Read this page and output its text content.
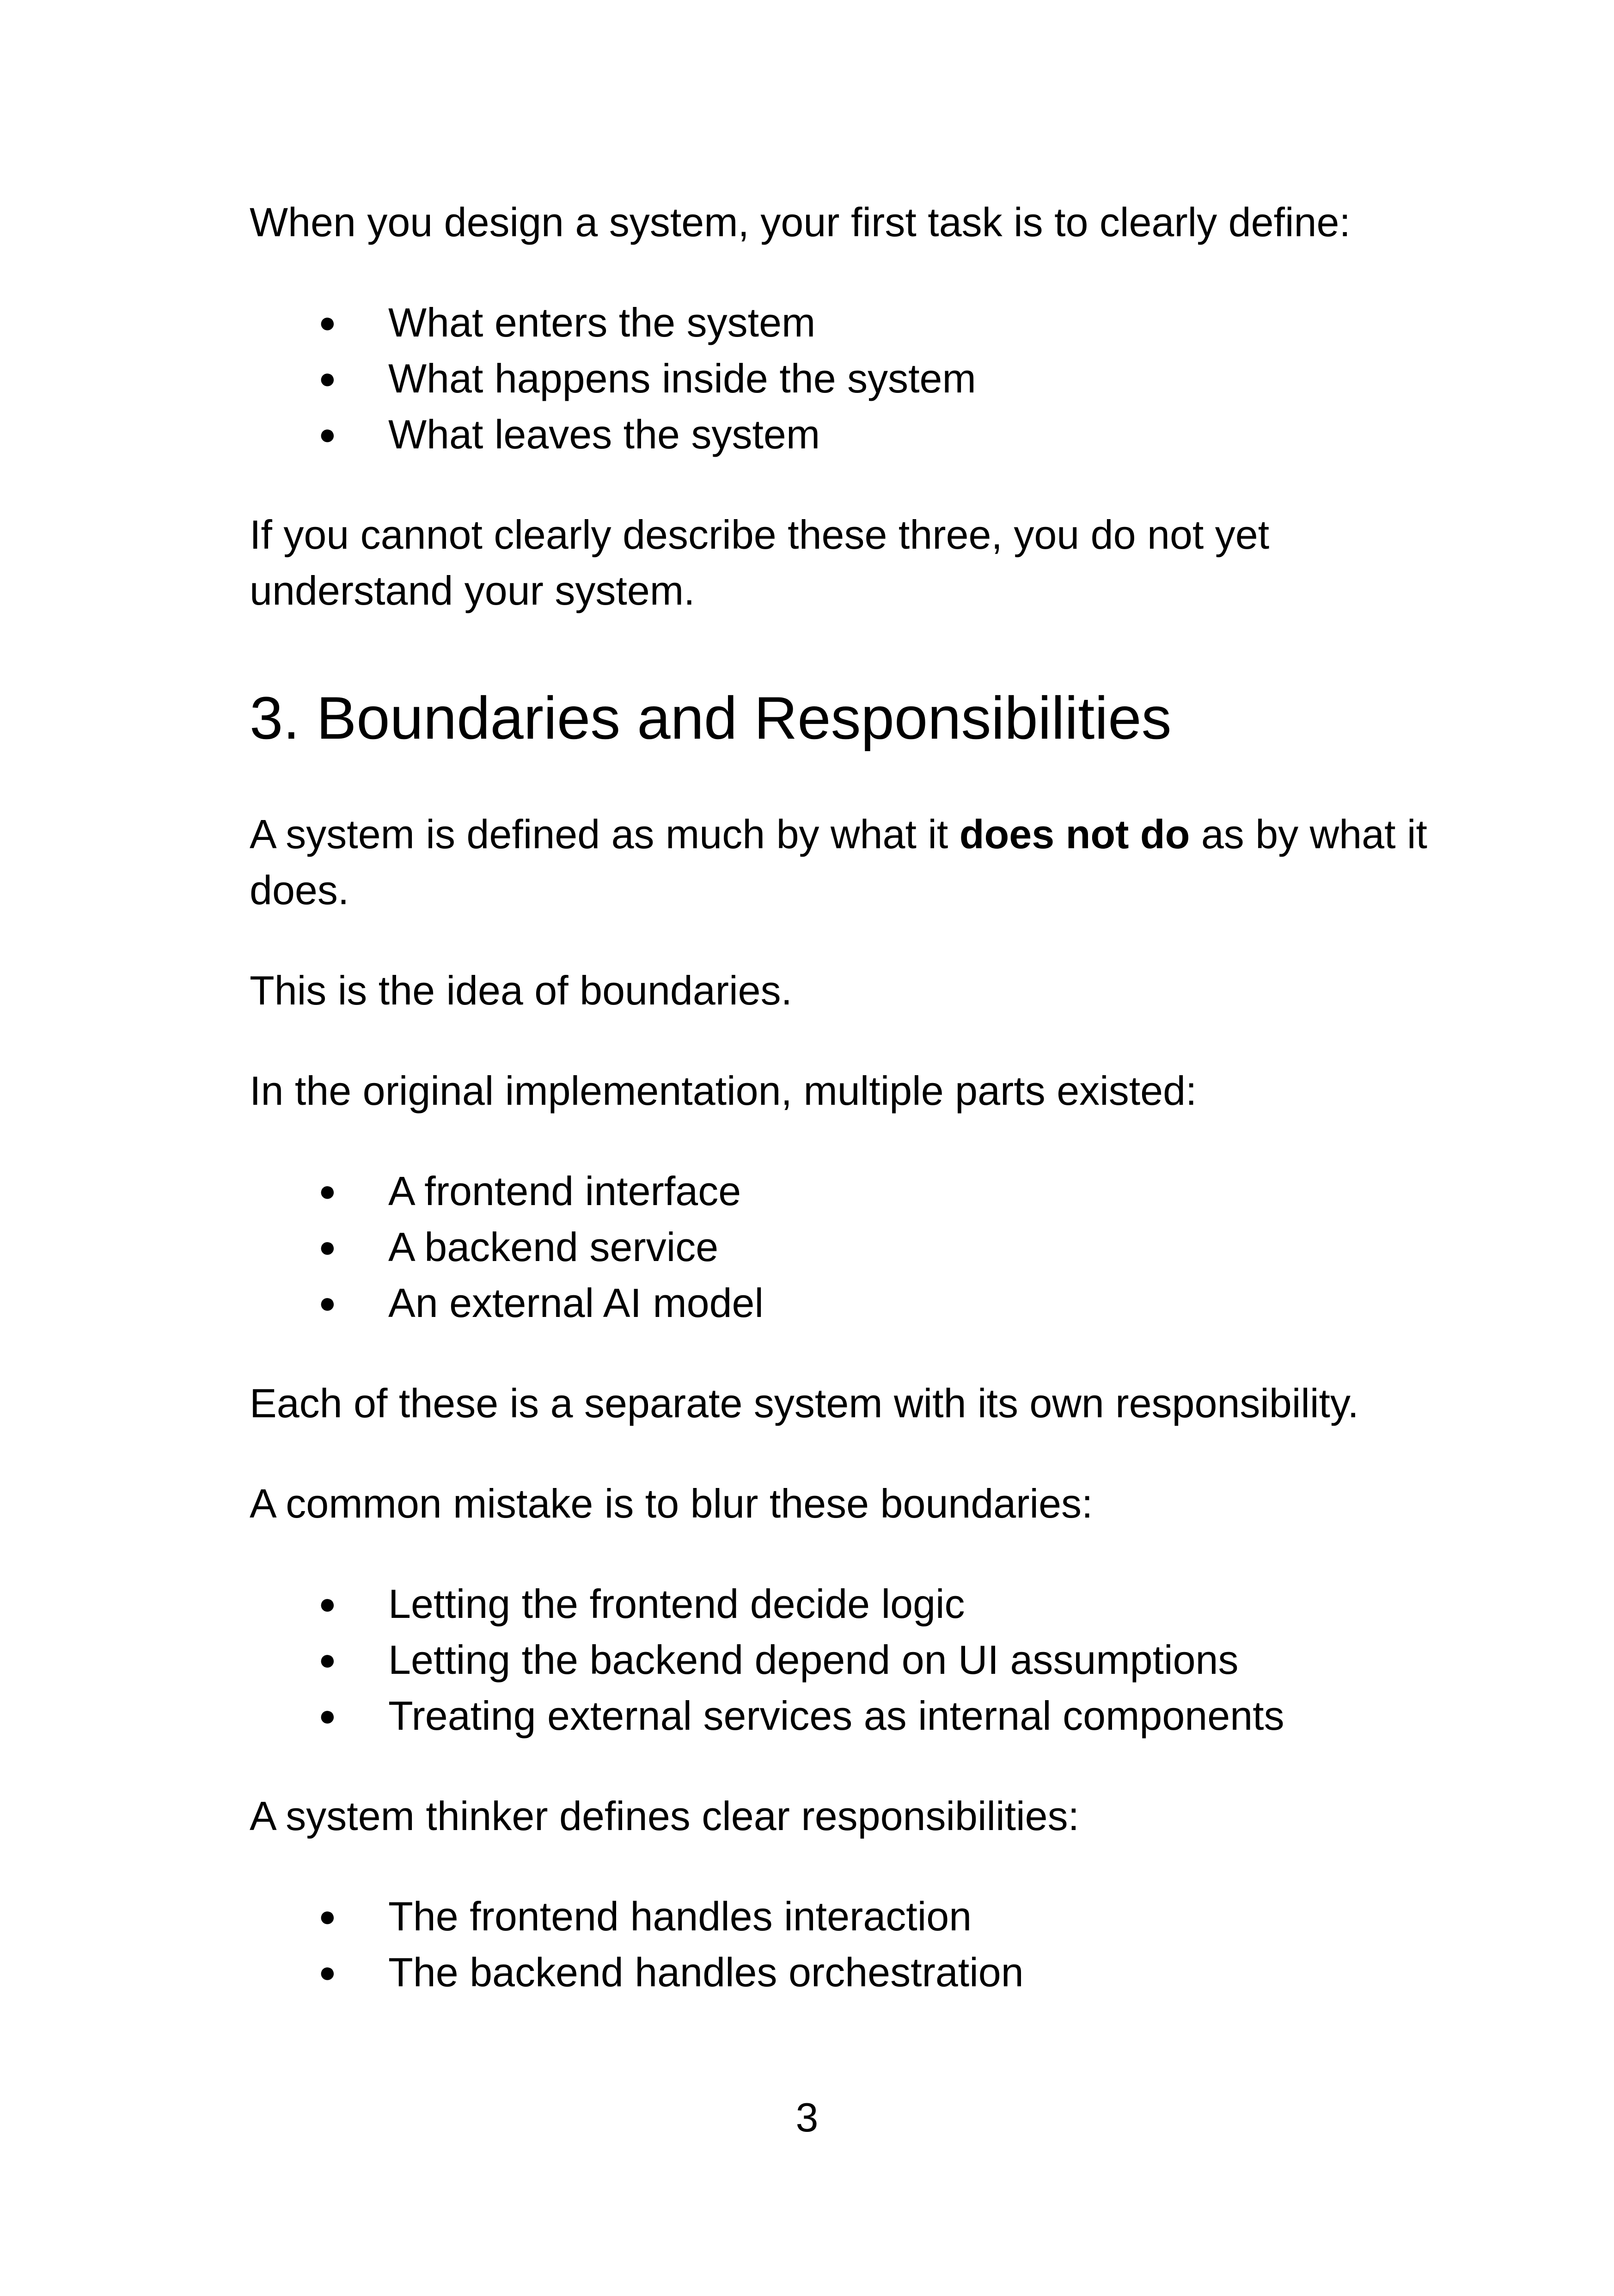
When you design a system, your first task is to clearly define:

● What enters the system
● What happens inside the system
● What leaves the system

If you cannot clearly describe these three, you do not yet understand your system.

3. Boundaries and Responsibilities

A system is defined as much by what it does not do as by what it does.

This is the idea of boundaries.

In the original implementation, multiple parts existed:

● A frontend interface
● A backend service
● An external AI model

Each of these is a separate system with its own responsibility.

A common mistake is to blur these boundaries:

● Letting the frontend decide logic
● Letting the backend depend on UI assumptions
● Treating external services as internal components

A system thinker defines clear responsibilities:

● The frontend handles interaction
● The backend handles orchestration
3
